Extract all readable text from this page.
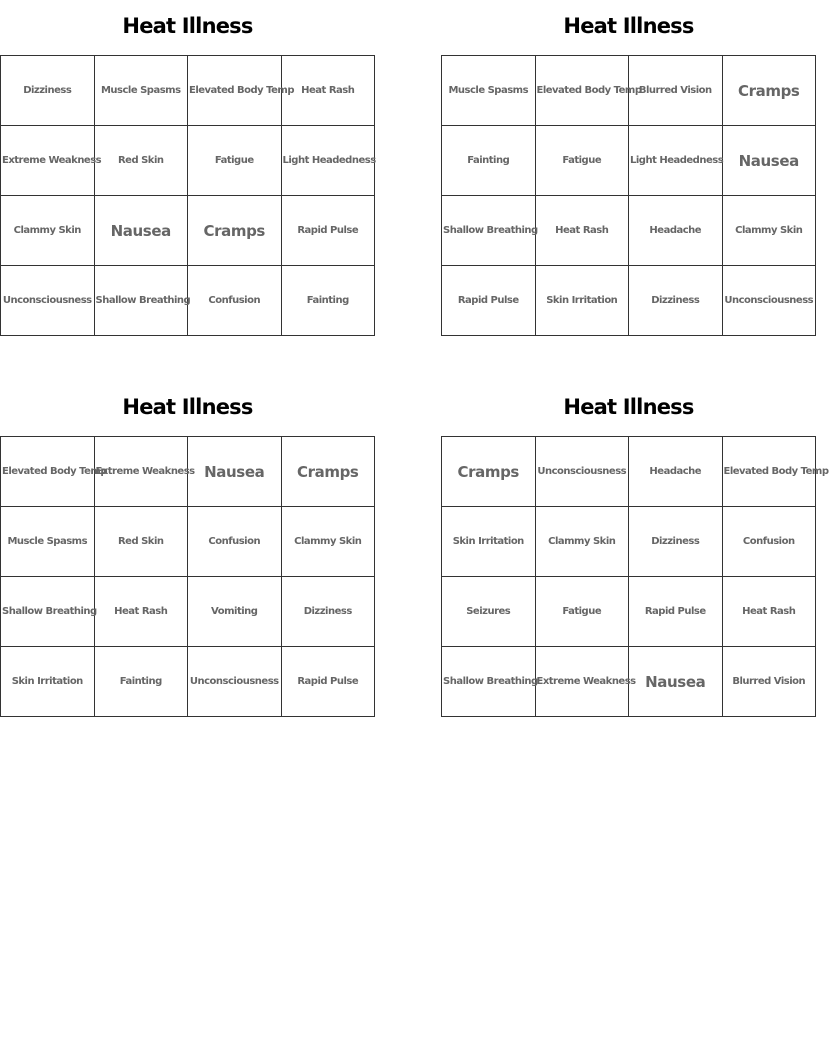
Heat Illness
Dizziness	Muscle Spasms	Elevated Body Temp	Heat Rash
Extreme Weakness	Red Skin	Fatigue	Light Headedness
Clammy Skin	Nausea	Cramps	Rapid Pulse
Unconsciousness	Shallow Breathing	Confusion	Fainting
Heat Illness
Muscle Spasms	Elevated Body Temp	Blurred Vision	Cramps
Fainting	Fatigue	Light Headedness	Nausea
Shallow Breathing	Heat Rash	Headache	Clammy Skin
Rapid Pulse	Skin Irritation	Dizziness	Unconsciousness
Heat Illness
Elevated Body Temp	Extreme Weakness	Nausea	Cramps
Muscle Spasms	Red Skin	Confusion	Clammy Skin
Shallow Breathing	Heat Rash	Vomiting	Dizziness
Skin Irritation	Fainting	Unconsciousness	Rapid Pulse
Heat Illness
Cramps	Unconsciousness	Headache	Elevated Body Temp
Skin Irritation	Clammy Skin	Dizziness	Confusion
Seizures	Fatigue	Rapid Pulse	Heat Rash
Shallow Breathing	Extreme Weakness	Nausea	Blurred Vision
